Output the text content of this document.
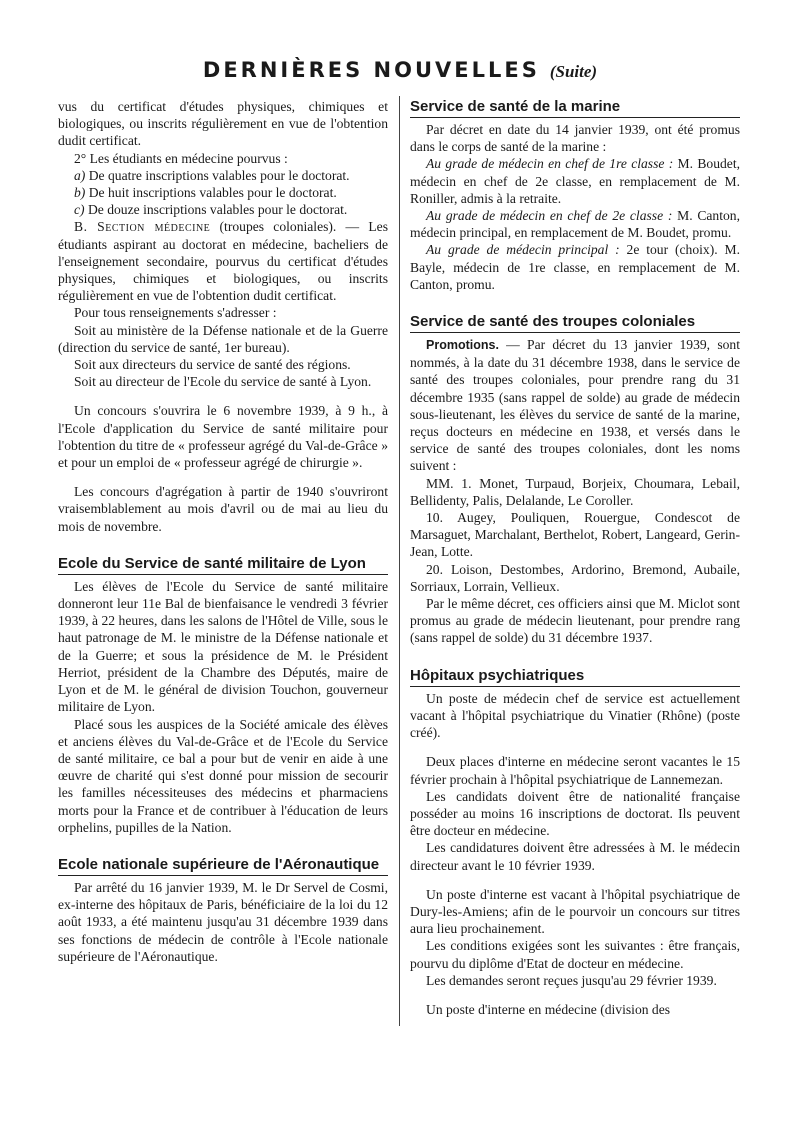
DERNIÈRES NOUVELLES (Suite)

vus du certificat d'études physiques, chimiques et biologiques, ou inscrits régulièrement en vue de l'obtention dudit certificat.

2° Les étudiants en médecine pourvus :

a) De quatre inscriptions valables pour le doctorat.

b) De huit inscriptions valables pour le doctorat.

c) De douze inscriptions valables pour le doctorat.

B. Section médecine (troupes coloniales). — Les étudiants aspirant au doctorat en médecine, bacheliers de l'enseignement secondaire, pourvus du certificat d'études physiques, chimiques et biologiques, ou inscrits régulièrement en vue de l'obtention dudit certificat.

Pour tous renseignements s'adresser :

Soit au ministère de la Défense nationale et de la Guerre (direction du service de santé, 1er bureau).

Soit aux directeurs du service de santé des régions.

Soit au directeur de l'Ecole du service de santé à Lyon.

Un concours s'ouvrira le 6 novembre 1939, à 9 h., à l'Ecole d'application du Service de santé militaire pour l'obtention du titre de « professeur agrégé du Val-de-Grâce » et pour un emploi de « professeur agrégé de chirurgie ».

Les concours d'agrégation à partir de 1940 s'ouvriront vraisemblablement au mois d'avril ou de mai au lieu du mois de novembre.

Ecole du Service de santé militaire de Lyon

Les élèves de l'Ecole du Service de santé militaire donneront leur 11e Bal de bienfaisance le vendredi 3 février 1939, à 22 heures, dans les salons de l'Hôtel de Ville, sous le haut patronage de M. le ministre de la Défense nationale et de la Guerre; et sous la présidence de M. le Président Herriot, président de la Chambre des Députés, maire de Lyon et de M. le général de division Touchon, gouverneur militaire de Lyon.

Placé sous les auspices de la Société amicale des élèves et anciens élèves du Val-de-Grâce et de l'Ecole du Service de santé militaire, ce bal a pour but de venir en aide à une œuvre de charité qui s'est donné pour mission de secourir les familles nécessiteuses des médecins et pharmaciens morts pour la France et de contribuer à l'éducation de leurs orphelins, pupilles de la Nation.

Ecole nationale supérieure de l'Aéronautique

Par arrêté du 16 janvier 1939, M. le Dr Servel de Cosmi, ex-interne des hôpitaux de Paris, bénéficiaire de la loi du 12 août 1933, a été maintenu jusqu'au 31 décembre 1939 dans ses fonctions de médecin de contrôle à l'Ecole nationale supérieure de l'Aéronautique.

Service de santé de la marine

Par décret en date du 14 janvier 1939, ont été promus dans le corps de santé de la marine :

Au grade de médecin en chef de 1re classe : M. Boudet, médecin en chef de 2e classe, en remplacement de M. Roniller, admis à la retraite.

Au grade de médecin en chef de 2e classe : M. Canton, médecin principal, en remplacement de M. Boudet, promu.

Au grade de médecin principal : 2e tour (choix). M. Bayle, médecin de 1re classe, en remplacement de M. Canton, promu.

Service de santé des troupes coloniales

Promotions. — Par décret du 13 janvier 1939, sont nommés, à la date du 31 décembre 1938, dans le service de santé des troupes coloniales, pour prendre rang du 31 décembre 1935 (sans rappel de solde) au grade de médecin sous-lieutenant, les élèves du service de santé de la marine, reçus docteurs en médecine en 1938, et versés dans le service de santé des troupes coloniales, dont les noms suivent :

MM. 1. Monet, Turpaud, Borjeix, Choumara, Lebail, Bellidenty, Palis, Delalande, Le Coroller.

10. Augey, Pouliquen, Rouergue, Condescot de Marsaguet, Marchalant, Berthelot, Robert, Langeard, Gerin-Jean, Lotte.

20. Loison, Destombes, Ardorino, Bremond, Aubaile, Sorriaux, Lorrain, Vellieux.

Par le même décret, ces officiers ainsi que M. Miclot sont promus au grade de médecin lieutenant, pour prendre rang (sans rappel de solde) du 31 décembre 1937.

Hôpitaux psychiatriques

Un poste de médecin chef de service est actuellement vacant à l'hôpital psychiatrique du Vinatier (Rhône) (poste créé).

Deux places d'interne en médecine seront vacantes le 15 février prochain à l'hôpital psychiatrique de Lannemezan.

Les candidats doivent être de nationalité française posséder au moins 16 inscriptions de doctorat. Ils peuvent être docteur en médecine.

Les candidatures doivent être adressées à M. le médecin directeur avant le 10 février 1939.

Un poste d'interne est vacant à l'hôpital psychiatrique de Dury-les-Amiens; afin de le pourvoir un concours sur titres aura lieu prochainement.

Les conditions exigées sont les suivantes : être français, pourvu du diplôme d'Etat de docteur en médecine.

Les demandes seront reçues jusqu'au 29 février 1939.

Un poste d'interne en médecine (division des
